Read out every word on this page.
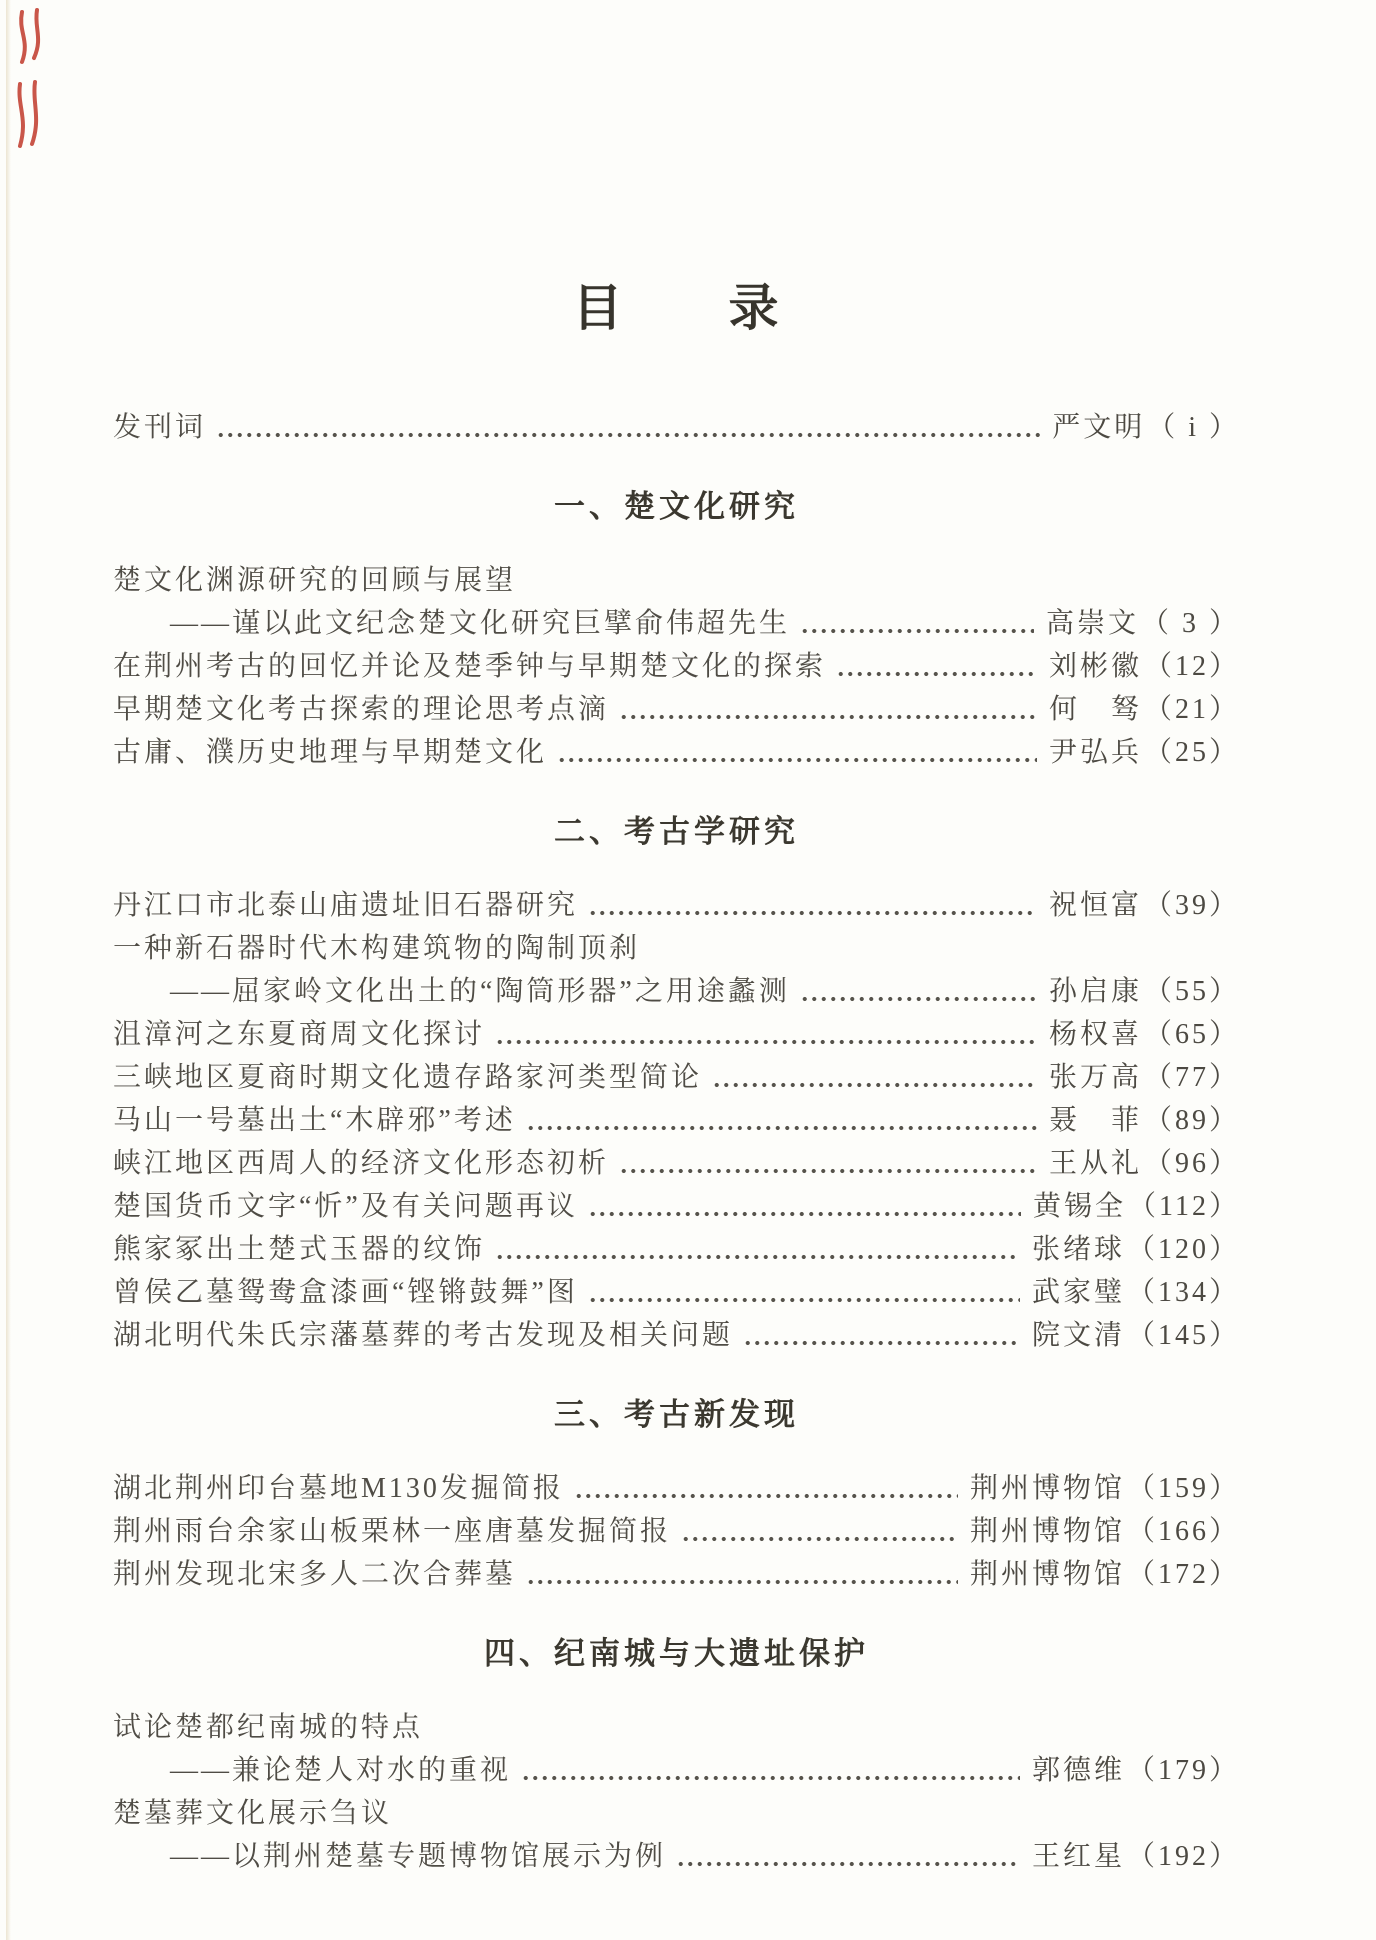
目　　录
发刊词	严文明 （ i ）
一、楚文化研究
楚文化渊源研究的回顾与展望
——谨以此文纪念楚文化研究巨擘俞伟超先生	高崇文 （ 3 ）
在荆州考古的回忆并论及楚季钟与早期楚文化的探索	刘彬徽 （12）
早期楚文化考古探索的理论思考点滴	何　驽 （21）
古庸、濮历史地理与早期楚文化	尹弘兵 （25）
二、考古学研究
丹江口市北泰山庙遗址旧石器研究	祝恒富 （39）
一种新石器时代木构建筑物的陶制顶刹
——屈家岭文化出土的“陶筒形器”之用途蠡测	孙启康 （55）
沮漳河之东夏商周文化探讨	杨权喜 （65）
三峡地区夏商时期文化遗存路家河类型简论	张万高 （77）
马山一号墓出土“木辟邪”考述	聂　菲 （89）
峡江地区西周人的经济文化形态初析	王从礼 （96）
楚国货币文字“忻”及有关问题再议	黄锡全 （112）
熊家冢出土楚式玉器的纹饰	张绪球 （120）
曾侯乙墓鸳鸯盒漆画“铿锵鼓舞”图	武家璧 （134）
湖北明代朱氏宗藩墓葬的考古发现及相关问题	院文清 （145）
三、考古新发现
湖北荆州印台墓地M130发掘简报	荆州博物馆 （159）
荆州雨台余家山板栗林一座唐墓发掘简报	荆州博物馆 （166）
荆州发现北宋多人二次合葬墓	荆州博物馆 （172）
四、纪南城与大遗址保护
试论楚都纪南城的特点
——兼论楚人对水的重视	郭德维 （179）
楚墓葬文化展示刍议
——以荆州楚墓专题博物馆展示为例	王红星 （192）
